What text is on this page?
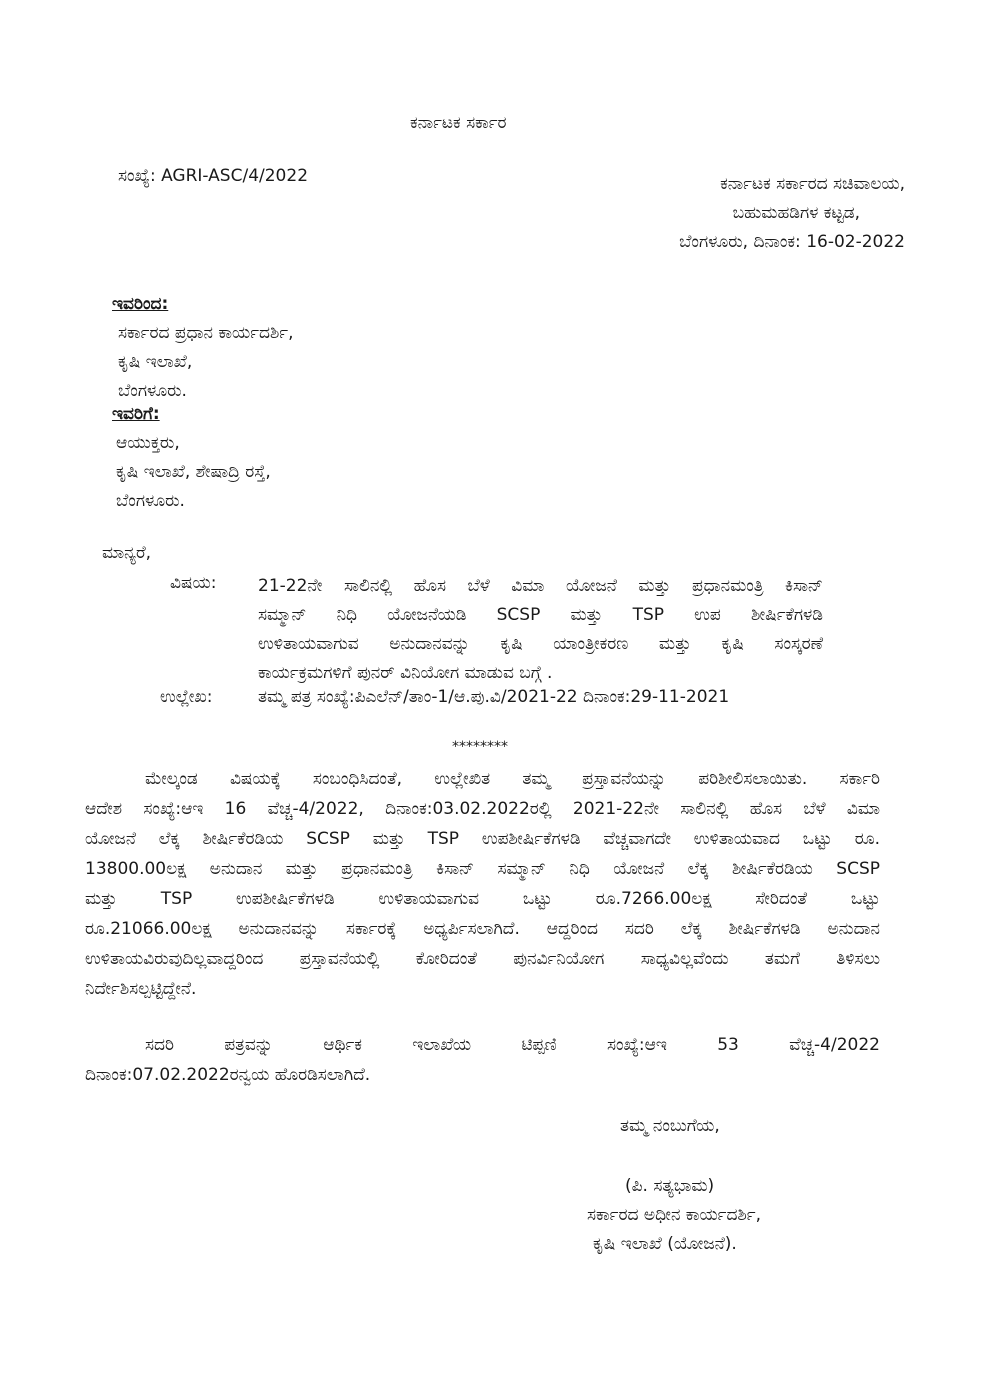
ಕರ್ನಾಟಕ ಸರ್ಕಾರ
ಸಂಖ್ಯೆ: AGRI-ASC/4/2022	ಕರ್ನಾಟಕ ಸರ್ಕಾರದ ಸಚಿವಾಲಯ,
ಬಹುಮಹಡಿಗಳ ಕಟ್ಟಡ,
ಬೆಂಗಳೂರು, ದಿನಾಂಕ: 16-02-2022
ಇವರಿಂದ:
ಸರ್ಕಾರದ ಪ್ರಧಾನ ಕಾರ್ಯದರ್ಶಿ,
ಕೃಷಿ ಇಲಾಖೆ,
ಬೆಂಗಳೂರು.
ಇವರಿಗೆ:
ಆಯುಕ್ತರು,
ಕೃಷಿ ಇಲಾಖೆ, ಶೇಷಾದ್ರಿ ರಸ್ತೆ,
ಬೆಂಗಳೂರು.
ಮಾನ್ಯರೆ,
ವಿಷಯ: 21-22ನೇ ಸಾಲಿನಲ್ಲಿ ಹೊಸ ಬೆಳೆ ವಿಮಾ ಯೋಜನೆ ಮತ್ತು ಪ್ರಧಾನಮಂತ್ರಿ ಕಿಸಾನ್
ಸಮ್ಮಾನ್ ನಿಧಿ ಯೋಜನೆಯಡಿ SCSP ಮತ್ತು TSP ಉಪ ಶೀರ್ಷಿಕೆಗಳಡಿ
ಉಳಿತಾಯವಾಗುವ ಅನುದಾನವನ್ನು ಕೃಷಿ ಯಾಂತ್ರೀಕರಣ ಮತ್ತು ಕೃಷಿ ಸಂಸ್ಕರಣೆ
ಕಾರ್ಯಕ್ರಮಗಳಿಗೆ ಪುನರ್ ವಿನಿಯೋಗ ಮಾಡುವ ಬಗ್ಗೆ .
ಉಲ್ಲೇಖ:	ತಮ್ಮ ಪತ್ರ ಸಂಖ್ಯೆ:ಪಿಎಲೆನ್/ತಾಂ-1/ಆ.ಪು.ವಿ/2021-22 ದಿನಾಂಕ:29-11-2021
********
ಮೇಲ್ಕಂಡ ವಿಷಯಕ್ಕೆ ಸಂಬಂಧಿಸಿದಂತೆ, ಉಲ್ಲೇಖಿತ ತಮ್ಮ ಪ್ರಸ್ತಾವನೆಯನ್ನು ಪರಿಶೀಲಿಸಲಾಯಿತು. ಸರ್ಕಾರಿ
ಆದೇಶ ಸಂಖ್ಯೆ:ಆಇ 16 ವೆಚ್ಚ-4/2022, ದಿನಾಂಕ:03.02.2022ರಲ್ಲಿ 2021-22ನೇ ಸಾಲಿನಲ್ಲಿ ಹೊಸ ಬೆಳೆ ವಿಮಾ
ಯೋಜನೆ ಲೆಕ್ಕ ಶೀರ್ಷಿಕೆರಡಿಯ SCSP ಮತ್ತು TSP ಉಪಶೀರ್ಷಿಕೆಗಳಡಿ ವೆಚ್ಚವಾಗದೇ ಉಳಿತಾಯವಾದ ಒಟ್ಟು ರೂ.
13800.00ಲಕ್ಷ ಅನುದಾನ ಮತ್ತು ಪ್ರಧಾನಮಂತ್ರಿ ಕಿಸಾನ್ ಸಮ್ಮಾನ್ ನಿಧಿ ಯೋಜನೆ ಲೆಕ್ಕ ಶೀರ್ಷಿಕೆರಡಿಯ SCSP
ಮತ್ತು TSP ಉಪಶೀರ್ಷಿಕೆಗಳಡಿ ಉಳಿತಾಯವಾಗುವ ಒಟ್ಟು ರೂ.7266.00ಲಕ್ಷ ಸೇರಿದಂತೆ ಒಟ್ಟು
ರೂ.21066.00ಲಕ್ಷ ಅನುದಾನವನ್ನು ಸರ್ಕಾರಕ್ಕೆ ಅಧ್ಯರ್ಪಿಸಲಾಗಿದೆ. ಆದ್ದರಿಂದ ಸದರಿ ಲೆಕ್ಕ ಶೀರ್ಷಿಕೆಗಳಡಿ ಅನುದಾನ
ಉಳಿತಾಯವಿರುವುದಿಲ್ಲವಾದ್ದರಿಂದ ಪ್ರಸ್ತಾವನೆಯಲ್ಲಿ ಕೋರಿದಂತೆ ಪುನರ್ವಿನಿಯೋಗ ಸಾಧ್ಯವಿಲ್ಲವೆಂದು ತಮಗೆ ತಿಳಿಸಲು
ನಿರ್ದೇಶಿಸಲ್ಪಟ್ಟಿದ್ದೇನೆ.
ಸದರಿ ಪತ್ರವನ್ನು ಆರ್ಥಿಕ ಇಲಾಖೆಯ ಟಿಪ್ಪಣಿ ಸಂಖ್ಯೆ:ಆಇ 53 ವೆಚ್ಚ-4/2022
ದಿನಾಂಕ:07.02.2022ರನ್ವಯ ಹೊರಡಿಸಲಾಗಿದೆ.
ತಮ್ಮ ನಂಬುಗೆಯ,
(ಪಿ. ಸತ್ಯಭಾಮ)
ಸರ್ಕಾರದ ಅಧೀನ ಕಾರ್ಯದರ್ಶಿ,
ಕೃಷಿ ಇಲಾಖೆ (ಯೋಜನೆ).
